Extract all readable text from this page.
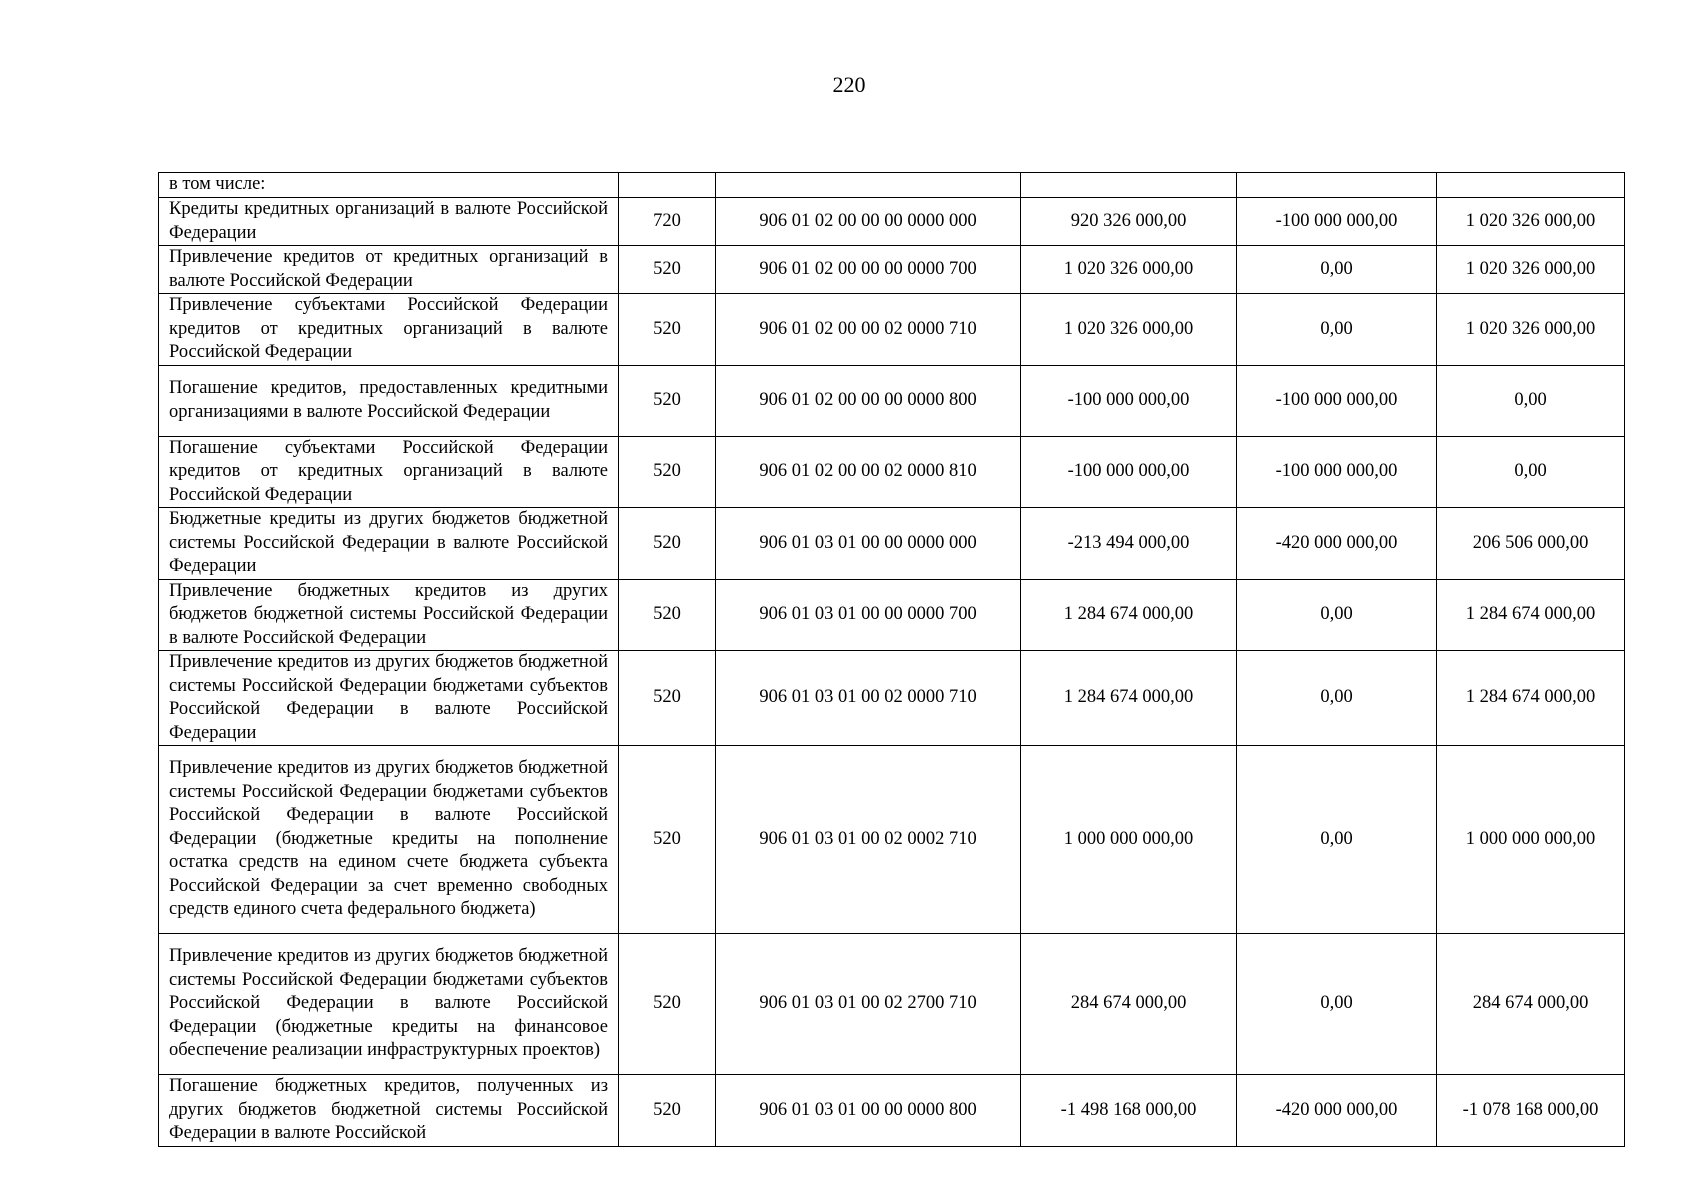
220
в том числе:					
Кредиты кредитных организаций в валюте Российской Федерации	720	906 01 02 00 00 00 0000 000	920 326 000,00	-100 000 000,00	1 020 326 000,00
Привлечение кредитов от кредитных организаций в валюте Российской Федерации	520	906 01 02 00 00 00 0000 700	1 020 326 000,00	0,00	1 020 326 000,00
Привлечение субъектами Российской Федерации кредитов от кредитных организаций в валюте Российской Федерации	520	906 01 02 00 00 02 0000 710	1 020 326 000,00	0,00	1 020 326 000,00
Погашение кредитов, предоставленных кредитными организациями в валюте Российской Федерации	520	906 01 02 00 00 00 0000 800	-100 000 000,00	-100 000 000,00	0,00
Погашение субъектами Российской Федерации кредитов от кредитных организаций в валюте Российской Федерации	520	906 01 02 00 00 02 0000 810	-100 000 000,00	-100 000 000,00	0,00
Бюджетные кредиты из других бюджетов бюджетной системы Российской Федерации в валюте Российской Федерации	520	906 01 03 01 00 00 0000 000	-213 494 000,00	-420 000 000,00	206 506 000,00
Привлечение бюджетных кредитов из других бюджетов бюджетной системы Российской Федерации в валюте Российской Федерации	520	906 01 03 01 00 00 0000 700	1 284 674 000,00	0,00	1 284 674 000,00
Привлечение кредитов из других бюджетов бюджетной системы Российской Федерации бюджетами субъектов Российской Федерации в валюте Российской Федерации	520	906 01 03 01 00 02 0000 710	1 284 674 000,00	0,00	1 284 674 000,00
Привлечение кредитов из других бюджетов бюджетной системы Российской Федерации бюджетами субъектов Российской Федерации в валюте Российской Федерации (бюджетные кредиты на пополнение остатка средств на едином счете бюджета субъекта Российской Федерации за счет временно свободных средств единого счета федерального бюджета)	520	906 01 03 01 00 02 0002 710	1 000 000 000,00	0,00	1 000 000 000,00
Привлечение кредитов из других бюджетов бюджетной системы Российской Федерации бюджетами субъектов Российской Федерации в валюте Российской Федерации (бюджетные кредиты на финансовое обеспечение реализации инфраструктурных проектов)	520	906 01 03 01 00 02 2700 710	284 674 000,00	0,00	284 674 000,00
Погашение бюджетных кредитов, полученных из других бюджетов бюджетной системы Российской Федерации в валюте Российской	520	906 01 03 01 00 00 0000 800	-1 498 168 000,00	-420 000 000,00	-1 078 168 000,00
